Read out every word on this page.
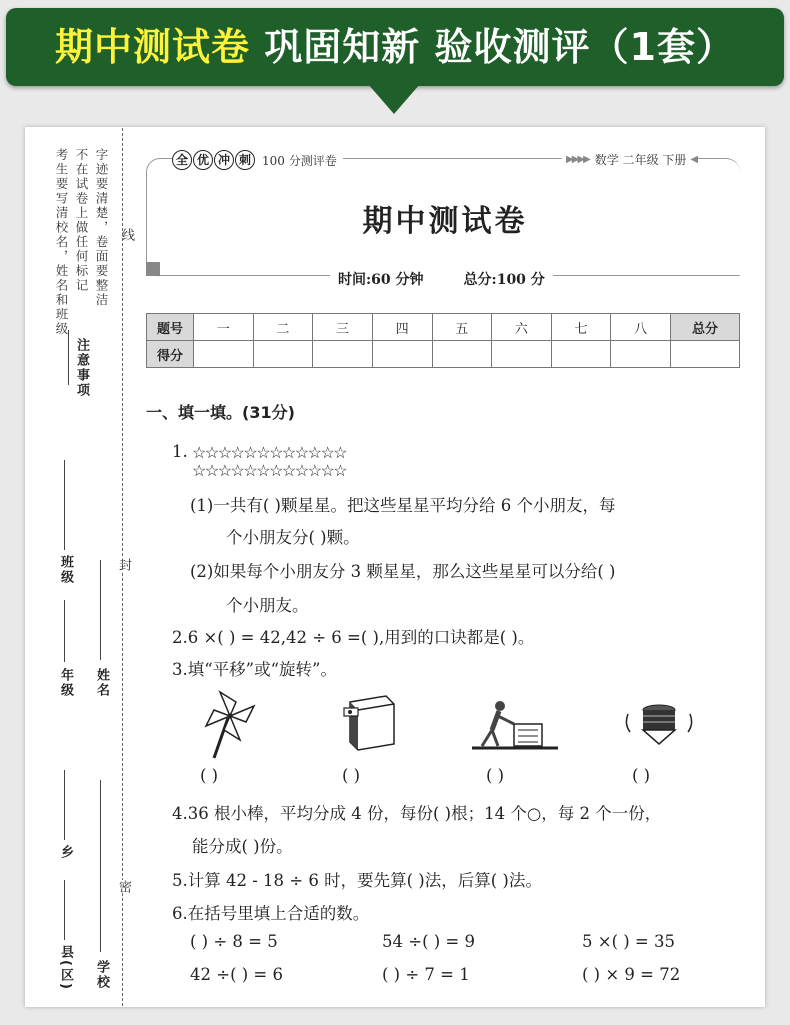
期中测试卷 巩固知新 验收测评（1套）
考生要写清校名，姓名和班级 不在试卷上做任何标记 字迹要清楚，卷面要整洁
注意事项
线
封
密
班级
年级 姓名
乡
县(区) 学校
全 优 冲 刺 100 分测评卷	▶▶▶▶ 数学 二年级 下册 ◀
期中测试卷
时间:60 分钟	总分:100 分
题号	一	二	三	四	五	六	七	八	总分
得分									
一、填一填。(31分)
1. ☆☆☆☆☆☆☆☆☆☆☆☆
☆☆☆☆☆☆☆☆☆☆☆☆
(1)一共有( )颗星星。把这些星星平均分给 6 个小朋友，每
个小朋友分( )颗。
(2)如果每个小朋友分 3 颗星星，那么这些星星可以分给( )
个小朋友。
2.6 ×( ) = 42,42 ÷ 6 =( ),用到的口诀都是( )。
3.填“平移”或“旋转”。
( )	( )	( )	( )
4.36 根小棒，平均分成 4 份，每份( )根；14 个○，每 2 个一份，
能分成( )份。
5.计算 42 - 18 ÷ 6 时，要先算( )法，后算( )法。
6.在括号里填上合适的数。
( ) ÷ 8 = 5	54 ÷( ) = 9	5 ×( ) = 35
42 ÷( ) = 6	( ) ÷ 7 = 1	( ) × 9 = 72
